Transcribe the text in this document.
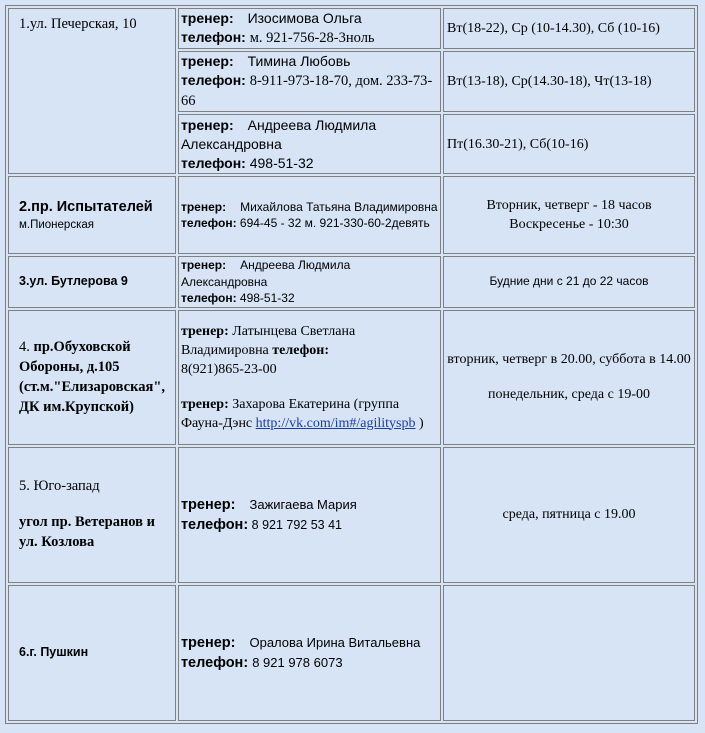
1.ул. Печерская, 10	тренер: Изосимова Ольга
телефон: м. 921-756-28-3ноль	Вт(18-22), Ср (10-14.30), Сб (10-16)
	тренер: Тимина Любовь
телефон: 8-911-973-18-70, дом. 233-73-66	Вт(13-18), Ср(14.30-18), Чт(13-18)
	тренер: Андреева Людмила Александровна
телефон: 498-51-32	Пт(16.30-21), Сб(10-16)

2.пр. Испытателей
м.Пионерская	тренер: Михайлова Татьяна Владимировна
телефон: 694-45 - 32 м. 921-330-60-2девять	Вторник, четверг - 18 часов
Воскресенье - 10:30

3.ул. Бутлерова 9	тренер: Андреева Людмила Александровна
телефон: 498-51-32	Будние дни с 21 до 22 часов
4. пр.Обуховской Обороны, д.105 (ст.м."Елизаровская", ДК им.Крупской)	тренер: Латынцева Светлана Владимировна телефон:
8(921)865-23-00
тренер: Захарова Екатерина (группа Фауна-Дэнс http://vk.com/im#/agilityspb )	вторник, четверг в 20.00, суббота в 14.00
понедельник, среда с 19-00

5. Юго-запад
угол пр. Ветеранов и ул. Козлова	тренер: Зажигаева Мария
телефон: 8 921 792 53 41	среда, пятница с 19.00
6.г. Пушкин	тренер: Оралова Ирина Витальевна
телефон: 8 921 978 6073	
